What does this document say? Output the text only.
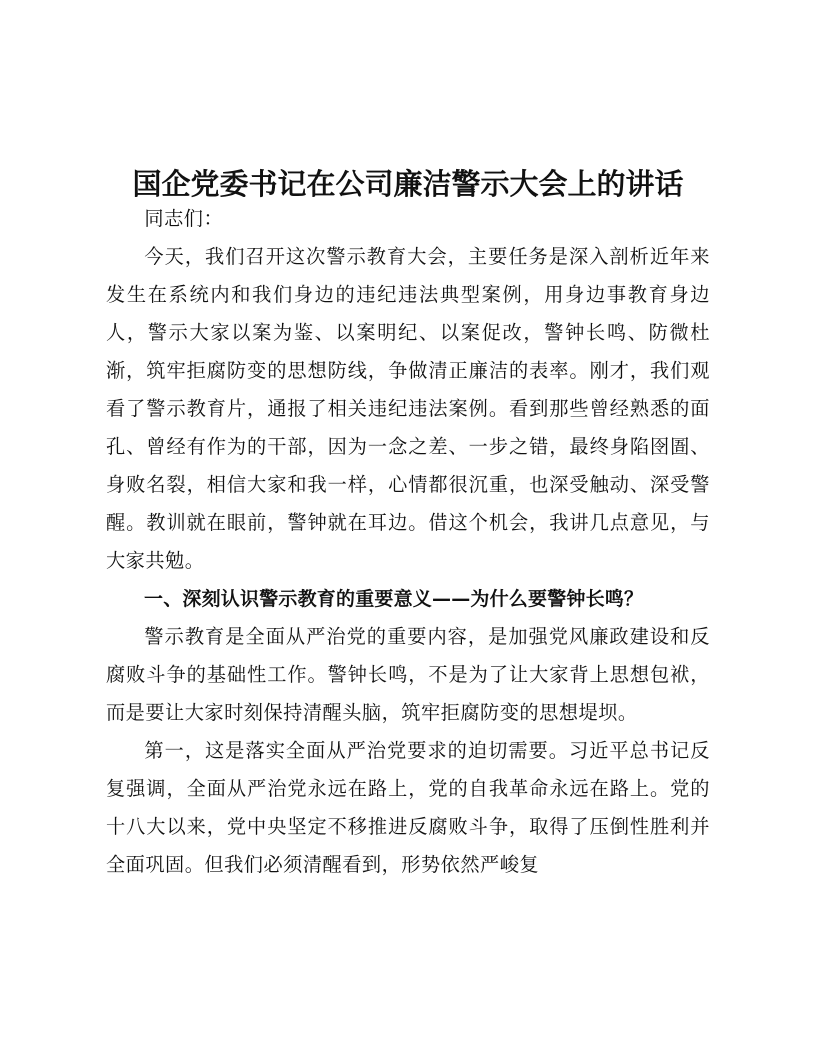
国企党委书记在公司廉洁警示大会上的讲话

同志们：

今天，我们召开这次警示教育大会，主要任务是深入剖析近年来发生在系统内和我们身边的违纪违法典型案例，用身边事教育身边人，警示大家以案为鉴、以案明纪、以案促改，警钟长鸣、防微杜渐，筑牢拒腐防变的思想防线，争做清正廉洁的表率。刚才，我们观看了警示教育片，通报了相关违纪违法案例。看到那些曾经熟悉的面孔、曾经有作为的干部，因为一念之差、一步之错，最终身陷囹圄、身败名裂，相信大家和我一样，心情都很沉重，也深受触动、深受警醒。教训就在眼前，警钟就在耳边。借这个机会，我讲几点意见，与大家共勉。

一、深刻认识警示教育的重要意义——为什么要警钟长鸣？

警示教育是全面从严治党的重要内容，是加强党风廉政建设和反腐败斗争的基础性工作。警钟长鸣，不是为了让大家背上思想包袱，而是要让大家时刻保持清醒头脑，筑牢拒腐防变的思想堤坝。

第一，这是落实全面从严治党要求的迫切需要。习近平总书记反复强调，全面从严治党永远在路上，党的自我革命永远在路上。党的十八大以来，党中央坚定不移推进反腐败斗争，取得了压倒性胜利并全面巩固。但我们必须清醒看到，形势依然严峻复
